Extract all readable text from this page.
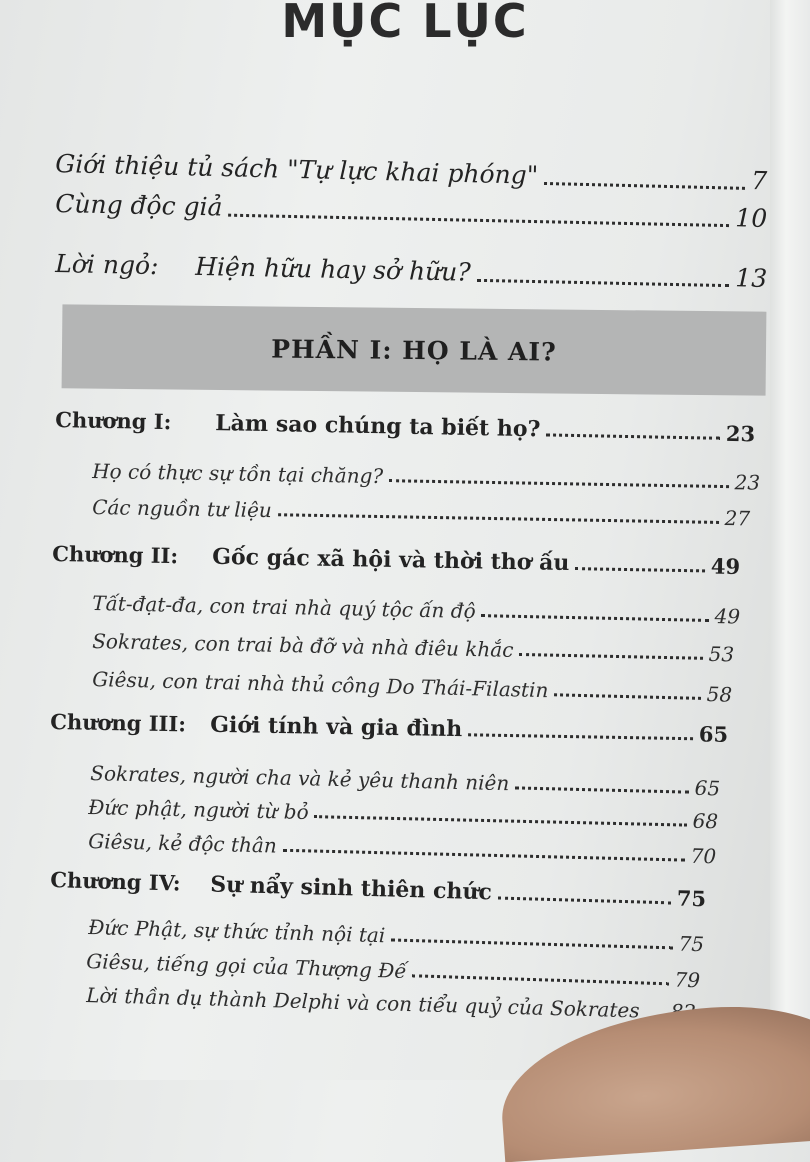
MỤC LỤC
Giới thiệu tủ sách "Tự lực khai phóng"	7
Cùng độc giả	10
Lời ngỏ: Hiện hữu hay sở hữu?	13
PHẦN I: HỌ LÀ AI?
Chương I: Làm sao chúng ta biết họ?	23
Họ có thực sự tồn tại chăng?	23
Các nguồn tư liệu	27
Chương II: Gốc gác xã hội và thời thơ ấu	49
Tất-đạt-đa, con trai nhà quý tộc ấn độ	49
Sokrates, con trai bà đỡ và nhà điêu khắc	53
Giêsu, con trai nhà thủ công Do Thái-Filastin	58
Chương III: Giới tính và gia đình	65
Sokrates, người cha và kẻ yêu thanh niên	65
Đức phật, người từ bỏ	68
Giêsu, kẻ độc thân	70
Chương IV: Sự nẩy sinh thiên chức	75
Đức Phật, sự thức tỉnh nội tại	75
Giêsu, tiếng gọi của Thượng Đế	79
Lời thần dụ thành Delphi và con tiểu quỷ của Sokrates
